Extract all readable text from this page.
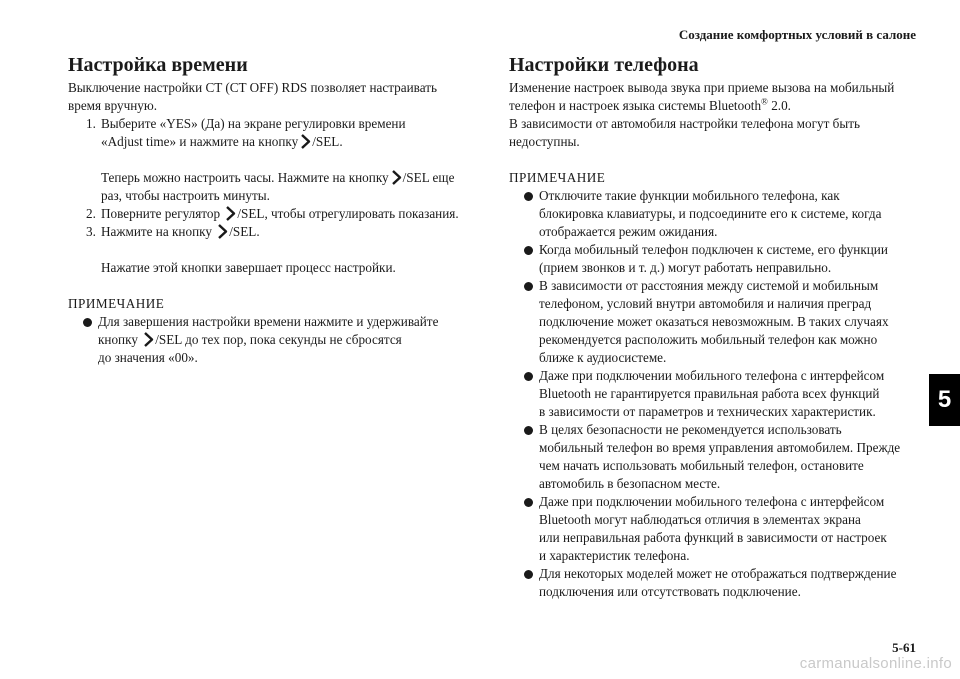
Создание комфортных условий в салоне
5
Настройка времени

Выключение настройки CT (CT OFF) RDS позволяет настраивать

время вручную.

1. Выберите «YES» (Да) на экране регулировки времени
«Adjust time» и нажмите на кнопку /SEL.
Теперь можно настроить часы. Нажмите на кнопку /SEL еще
раз, чтобы настроить минуты.
2. Поверните регулятор /SEL, чтобы отрегулировать показания.
3. Нажмите на кнопку /SEL.
Нажатие этой кнопки завершает процесс настройки.

ПРИМЕЧАНИЕ

Для завершения настройки времени нажмите и удерживайте
кнопку /SEL до тех пор, пока секунды не сбросятся
до значения «00».
Настройки телефона

Изменение настроек вывода звука при приеме вызова на мобильный

телефон и настроек языка системы Bluetooth® 2.0.

В зависимости от автомобиля настройки телефона могут быть

недоступны.

ПРИМЕЧАНИЕ

Отключите такие функции мобильного телефона, как
блокировка клавиатуры, и подсоедините его к системе, когда
отображается режим ожидания.
Когда мобильный телефон подключен к системе, его функции
(прием звонков и т. д.) могут работать неправильно.
В зависимости от расстояния между системой и мобильным
телефоном, условий внутри автомобиля и наличия преград
подключение может оказаться невозможным. В таких случаях
рекомендуется расположить мобильный телефон как можно
ближе к аудиосистеме.
Даже при подключении мобильного телефона с интерфейсом
Bluetooth не гарантируется правильная работа всех функций
в зависимости от параметров и технических характеристик.
В целях безопасности не рекомендуется использовать
мобильный телефон во время управления автомобилем. Прежде
чем начать использовать мобильный телефон, остановите
автомобиль в безопасном месте.
Даже при подключении мобильного телефона с интерфейсом
Bluetooth могут наблюдаться отличия в элементах экрана
или неправильная работа функций в зависимости от настроек
и характеристик телефона.
Для некоторых моделей может не отображаться подтверждение
подключения или отсутствовать подключение.
5-61
carmanualsonline.info
